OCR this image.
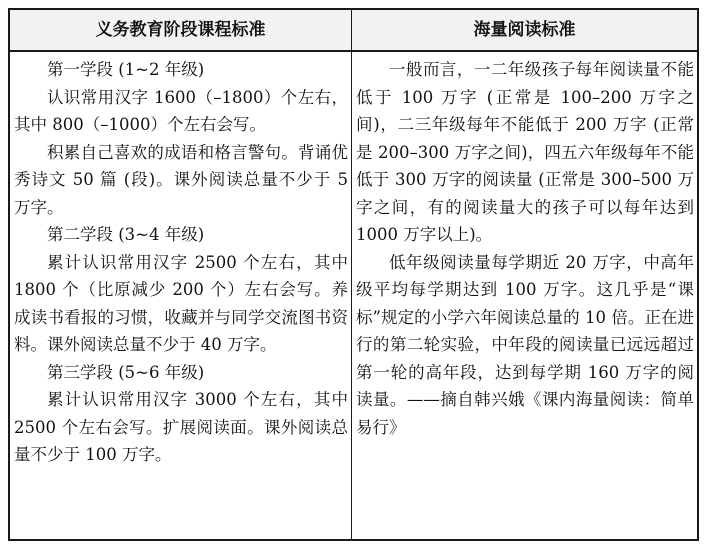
义务教育阶段课程标准	海量阅读标准

第一学段 (1~2 年级)

认识常用汉字 1600（–1800）个左右，其中 800（–1000）个左右会写。

积累自己喜欢的成语和格言警句。背诵优秀诗文 50 篇 (段)。课外阅读总量不少于 5 万字。

第二学段 (3~4 年级)

累计认识常用汉字 2500 个左右，其中 1800 个（比原减少 200 个）左右会写。养成读书看报的习惯，收藏并与同学交流图书资料。课外阅读总量不少于 40 万字。

第三学段 (5~6 年级)

累计认识常用汉字 3000 个左右，其中 2500 个左右会写。扩展阅读面。课外阅读总量不少于 100 万字。

一般而言，一二年级孩子每年阅读量不能低于 100 万字 (正常是 100–200 万字之间)，二三年级每年不能低于 200 万字 (正常是 200–300 万字之间)，四五六年级每年不能低于 300 万字的阅读量 (正常是 300–500 万字之间，有的阅读量大的孩子可以每年达到 1000 万字以上)。

低年级阅读量每学期近 20 万字，中高年级平均每学期达到 100 万字。这几乎是“课标”规定的小学六年阅读总量的 10 倍。正在进行的第二轮实验，中年段的阅读量已远远超过第一轮的高年段，达到每学期 160 万字的阅读量。——摘自韩兴娥《课内海量阅读：简单易行》
